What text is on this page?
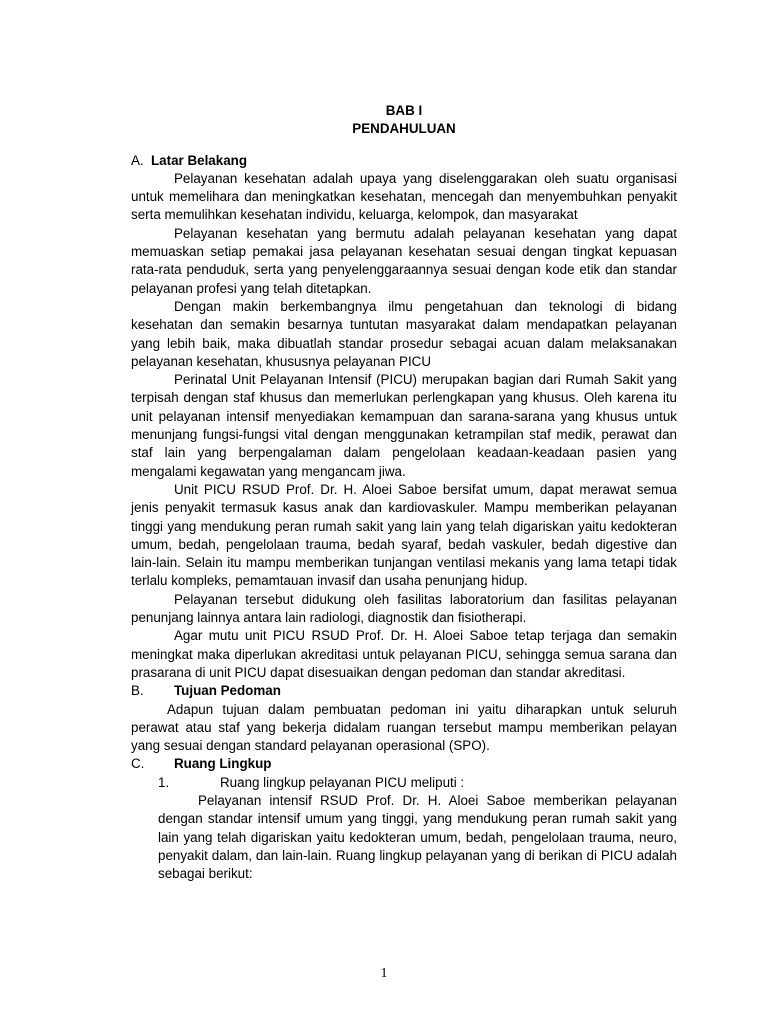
BAB I
PENDAHULUAN
A. Latar Belakang

Pelayanan kesehatan adalah upaya yang diselenggarakan oleh suatu organisasi untuk memelihara dan meningkatkan kesehatan, mencegah dan menyembuhkan penyakit serta memulihkan kesehatan individu, keluarga, kelompok, dan masyarakat

Pelayanan kesehatan yang bermutu adalah pelayanan kesehatan yang dapat memuaskan setiap pemakai jasa pelayanan kesehatan sesuai dengan tingkat kepuasan rata-rata penduduk, serta yang penyelenggaraannya sesuai dengan kode etik dan standar pelayanan profesi yang telah ditetapkan.

Dengan makin berkembangnya ilmu pengetahuan dan teknologi di bidang kesehatan dan semakin besarnya tuntutan masyarakat dalam mendapatkan pelayanan yang lebih baik, maka dibuatlah standar prosedur sebagai acuan dalam melaksanakan pelayanan kesehatan, khususnya pelayanan PICU

Perinatal Unit Pelayanan Intensif (PICU) merupakan bagian dari Rumah Sakit yang terpisah dengan staf khusus dan memerlukan perlengkapan yang khusus. Oleh karena itu unit pelayanan intensif menyediakan kemampuan dan sarana-sarana yang khusus untuk menunjang fungsi-fungsi vital dengan menggunakan ketrampilan staf medik, perawat dan staf lain yang berpengalaman dalam pengelolaan keadaan-keadaan pasien yang mengalami kegawatan yang mengancam jiwa.

Unit PICU RSUD Prof. Dr. H. Aloei Saboe bersifat umum, dapat merawat semua jenis penyakit termasuk kasus anak dan kardiovaskuler. Mampu memberikan pelayanan tinggi yang mendukung peran rumah sakit yang lain yang telah digariskan yaitu kedokteran umum, bedah, pengelolaan trauma, bedah syaraf, bedah vaskuler, bedah digestive dan lain-lain. Selain itu mampu memberikan tunjangan ventilasi mekanis yang lama tetapi tidak terlalu kompleks, pemamtauan invasif dan usaha penunjang hidup.

Pelayanan tersebut didukung oleh fasilitas laboratorium dan fasilitas pelayanan penunjang lainnya antara lain radiologi, diagnostik dan fisiotherapi.

Agar mutu unit PICU RSUD Prof. Dr. H. Aloei Saboe tetap terjaga dan semakin meningkat maka diperlukan akreditasi untuk pelayanan PICU, sehingga semua sarana dan prasarana di unit PICU dapat disesuaikan dengan pedoman dan standar akreditasi.

B.	Tujuan Pedoman

Adapun tujuan dalam pembuatan pedoman ini yaitu diharapkan untuk seluruh perawat atau staf yang bekerja didalam ruangan tersebut mampu memberikan pelayan yang sesuai dengan standard pelayanan operasional (SPO).

C.	Ruang Lingkup
1.	Ruang lingkup pelayanan PICU meliputi :

Pelayanan intensif RSUD Prof. Dr. H. Aloei Saboe memberikan pelayanan dengan standar intensif umum yang tinggi, yang mendukung peran rumah sakit yang lain yang telah digariskan yaitu kedokteran umum, bedah, pengelolaan trauma, neuro, penyakit dalam, dan lain-lain. Ruang lingkup pelayanan yang di berikan di PICU adalah sebagai berikut:

1
